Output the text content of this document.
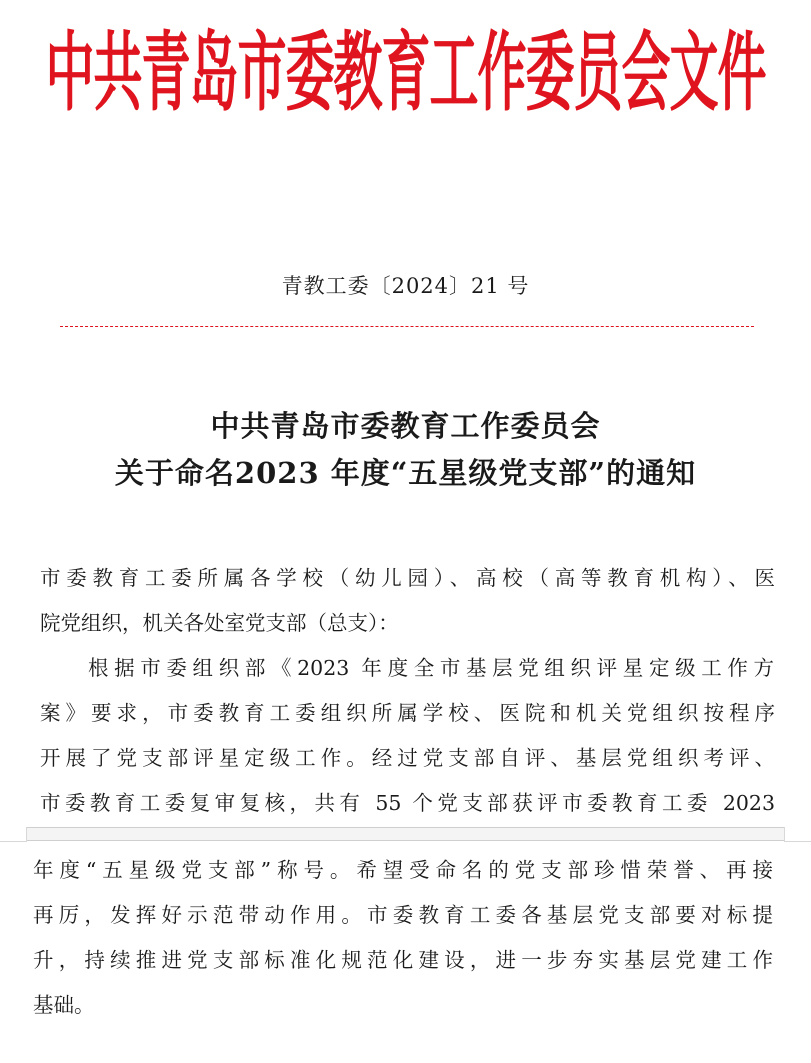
中共青岛市委教育工作委员会文件
青教工委〔2024〕21 号
中共青岛市委教育工作委员会
关于命名2023 年度“五星级党支部”的通知

市委教育工委所属各学校（幼儿园）、高校（高等教育机构）、医

院党组织，机关各处室党支部（总支）：

根据市委组织部《2023 年度全市基层党组织评星定级工作方

案》要求，市委教育工委组织所属学校、医院和机关党组织按程序

开展了党支部评星定级工作。经过党支部自评、基层党组织考评、

市委教育工委复审复核，共有 55 个党支部获评市委教育工委 2023

年度“五星级党支部”称号。希望受命名的党支部珍惜荣誉、再接

再厉，发挥好示范带动作用。市委教育工委各基层党支部要对标提

升，持续推进党支部标准化规范化建设，进一步夯实基层党建工作

基础。
